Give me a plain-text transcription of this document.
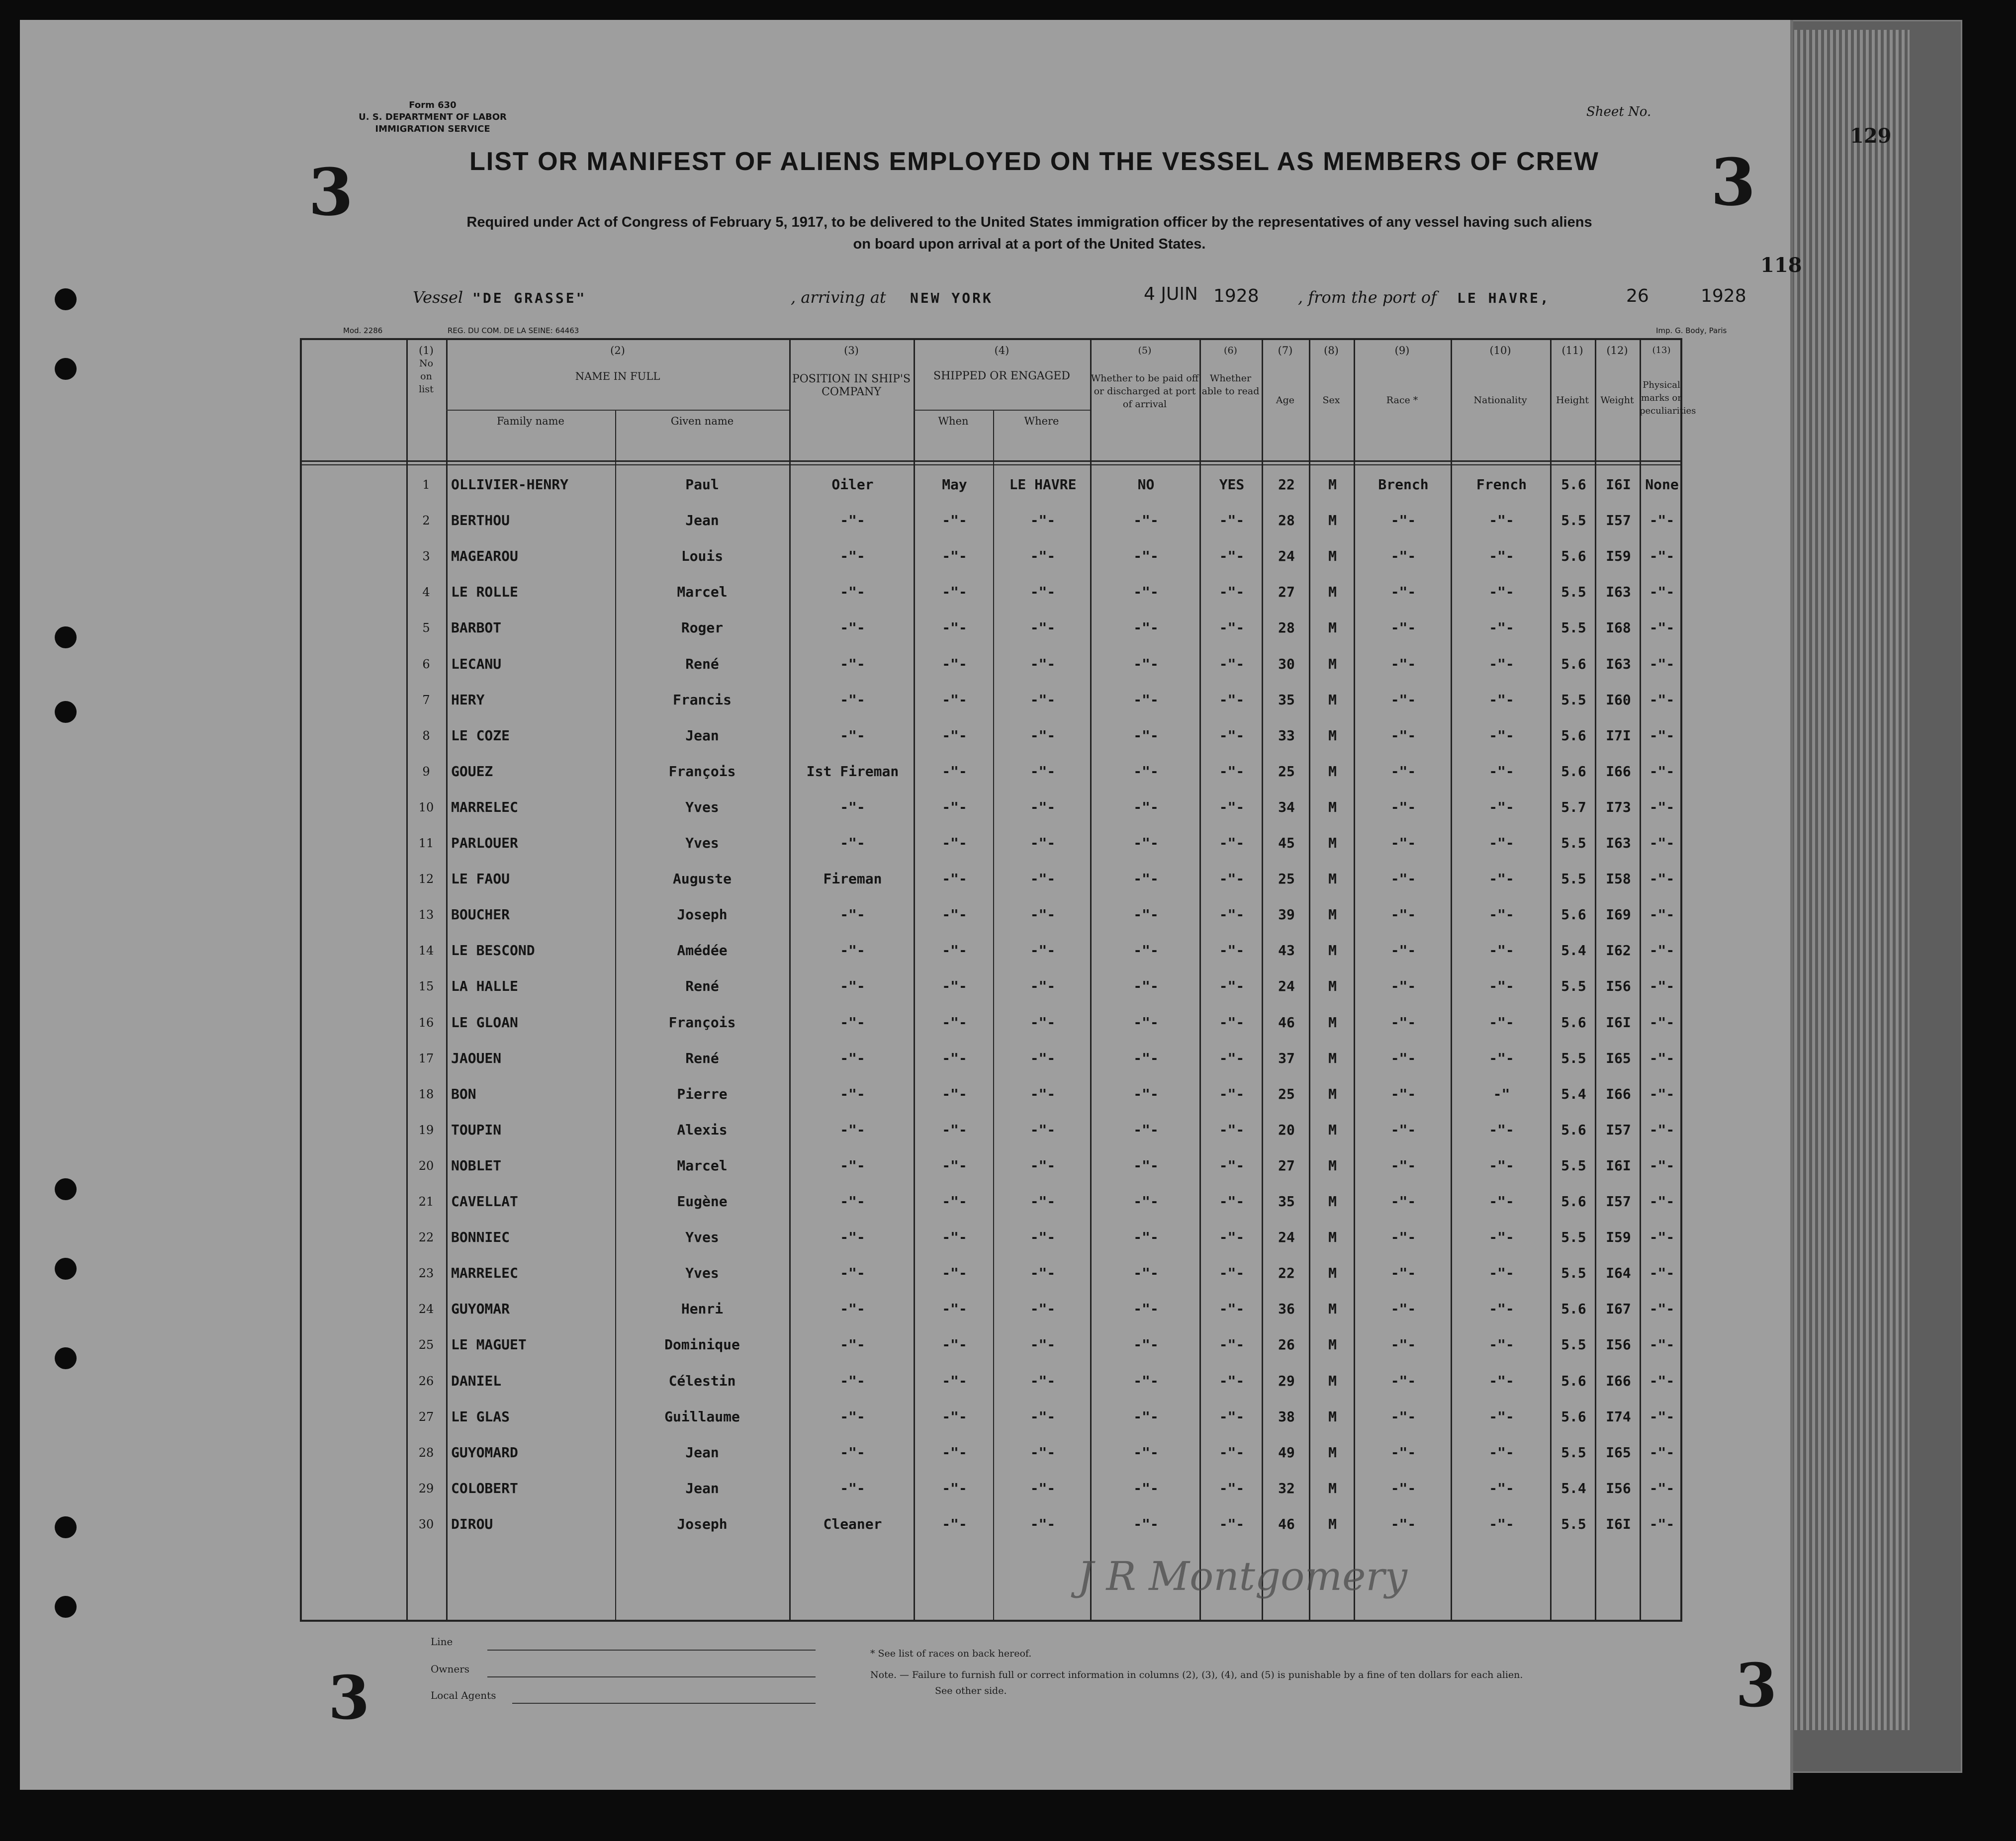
129
118
Form 630
U. S. DEPARTMENT OF LABOR
IMMIGRATION SERVICE
Sheet No.
3	3
LIST OR MANIFEST OF ALIENS EMPLOYED ON THE VESSEL AS MEMBERS OF CREW
Required under Act of Congress of February 5, 1917, to be delivered to the United States immigration officer by the representatives of any vessel having such aliens
on board upon arrival at a port of the United States.
Vessel "DE GRASSE"	, arriving at NEW YORK	4 JUIN 1928 , from the port of LE HAVRE,	26	1928
Mod. 2286	REG. DU COM. DE LA SEINE: 64463	Imp. G. Body, Paris
(1)
No on list
(2)
NAME IN FULL
Family name	Given name
(3)
POSITION IN SHIP'S COMPANY
(4)
SHIPPED OR ENGAGED
When	Where
(5)
Whether to be paid off or discharged at port of arrival
(6)
Whether able to read
(7)
Age
(8)
Sex
(9)
Race *
(10)
Nationality
(11)
Height
(12)
Weight
(13)
Physical marks or peculiarities
1	OLLIVIER-HENRY	Paul	Oiler	May	LE HAVRE	NO	YES	22	M	Brench	French	5.6	I6I	None
2	BERTHOU	Jean	-"-	-"-	-"-	-"-	-"-	28	M	-"-	-"-	5.5	I57	-"-
3	MAGEAROU	Louis	-"-	-"-	-"-	-"-	-"-	24	M	-"-	-"-	5.6	I59	-"-
4	LE ROLLE	Marcel	-"-	-"-	-"-	-"-	-"-	27	M	-"-	-"-	5.5	I63	-"-
5	BARBOT	Roger	-"-	-"-	-"-	-"-	-"-	28	M	-"-	-"-	5.5	I68	-"-
6	LECANU	René	-"-	-"-	-"-	-"-	-"-	30	M	-"-	-"-	5.6	I63	-"-
7	HERY	Francis	-"-	-"-	-"-	-"-	-"-	35	M	-"-	-"-	5.5	I60	-"-
8	LE COZE	Jean	-"-	-"-	-"-	-"-	-"-	33	M	-"-	-"-	5.6	I7I	-"-
9	GOUEZ	François	Ist Fireman	-"-	-"-	-"-	-"-	25	M	-"-	-"-	5.6	I66	-"-
10	MARRELEC	Yves	-"-	-"-	-"-	-"-	-"-	34	M	-"-	-"-	5.7	I73	-"-
11	PARLOUER	Yves	-"-	-"-	-"-	-"-	-"-	45	M	-"-	-"-	5.5	I63	-"-
12	LE FAOU	Auguste	Fireman	-"-	-"-	-"-	-"-	25	M	-"-	-"-	5.5	I58	-"-
13	BOUCHER	Joseph	-"-	-"-	-"-	-"-	-"-	39	M	-"-	-"-	5.6	I69	-"-
14	LE BESCOND	Amédée	-"-	-"-	-"-	-"-	-"-	43	M	-"-	-"-	5.4	I62	-"-
15	LA HALLE	René	-"-	-"-	-"-	-"-	-"-	24	M	-"-	-"-	5.5	I56	-"-
16	LE GLOAN	François	-"-	-"-	-"-	-"-	-"-	46	M	-"-	-"-	5.6	I6I	-"-
17	JAOUEN	René	-"-	-"-	-"-	-"-	-"-	37	M	-"-	-"-	5.5	I65	-"-
18	BON	Pierre	-"-	-"-	-"-	-"-	-"-	25	M	-"-	-"	5.4	I66	-"-
19	TOUPIN	Alexis	-"-	-"-	-"-	-"-	-"-	20	M	-"-	-"-	5.6	I57	-"-
20	NOBLET	Marcel	-"-	-"-	-"-	-"-	-"-	27	M	-"-	-"-	5.5	I6I	-"-
21	CAVELLAT	Eugène	-"-	-"-	-"-	-"-	-"-	35	M	-"-	-"-	5.6	I57	-"-
22	BONNIEC	Yves	-"-	-"-	-"-	-"-	-"-	24	M	-"-	-"-	5.5	I59	-"-
23	MARRELEC	Yves	-"-	-"-	-"-	-"-	-"-	22	M	-"-	-"-	5.5	I64	-"-
24	GUYOMAR	Henri	-"-	-"-	-"-	-"-	-"-	36	M	-"-	-"-	5.6	I67	-"-
25	LE MAGUET	Dominique	-"-	-"-	-"-	-"-	-"-	26	M	-"-	-"-	5.5	I56	-"-
26	DANIEL	Célestin	-"-	-"-	-"-	-"-	-"-	29	M	-"-	-"-	5.6	I66	-"-
27	LE GLAS	Guillaume	-"-	-"-	-"-	-"-	-"-	38	M	-"-	-"-	5.6	I74	-"-
28	GUYOMARD	Jean	-"-	-"-	-"-	-"-	-"-	49	M	-"-	-"-	5.5	I65	-"-
29	COLOBERT	Jean	-"-	-"-	-"-	-"-	-"-	32	M	-"-	-"-	5.4	I56	-"-
30	DIROU	Joseph	Cleaner	-"-	-"-	-"-	-"-	46	M	-"-	-"-	5.5	I6I	-"-
J R Montgomery
Line
Owners
Local Agents
* See list of races on back hereof.
Note. — Failure to furnish full or correct information in columns (2), (3), (4), and (5) is punishable by a fine of ten dollars for each alien.
See other side.
3	3
